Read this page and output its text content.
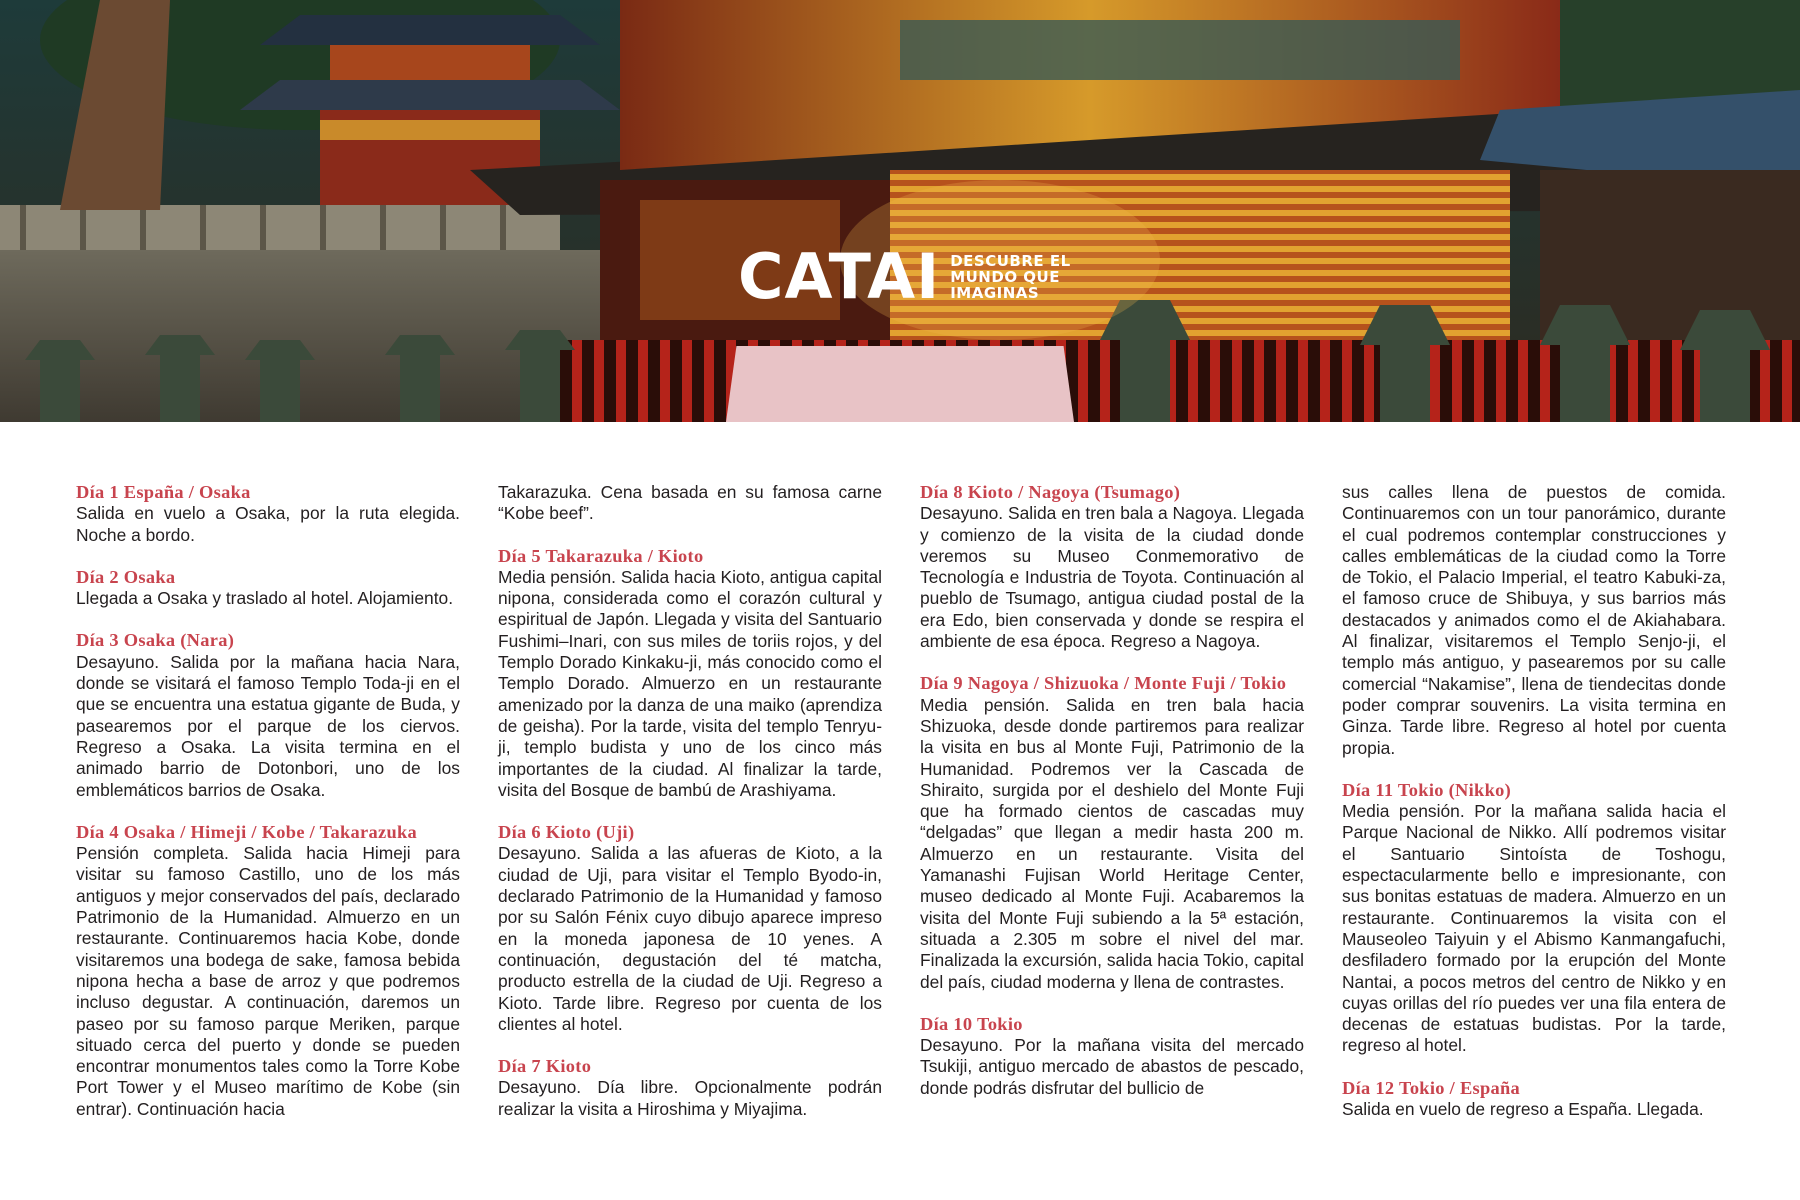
CATAI DESCUBRE EL
MUNDO QUE
IMAGINAS
Día 1 España / Osaka

Salida en vuelo a Osaka, por la ruta elegida. Noche a bordo.

Día 2 Osaka

Llegada a Osaka y traslado al hotel. Alojamiento.

Día 3 Osaka (Nara)

Desayuno. Salida por la mañana hacia Nara, donde se visitará el famoso Templo Toda-ji en el que se encuentra una estatua gigante de Buda, y pasearemos por el parque de los ciervos. Regreso a Osaka. La visita termina en el animado barrio de Dotonbori, uno de los emblemáticos barrios de Osaka.

Día 4 Osaka / Himeji / Kobe / Takarazuka

Pensión completa. Salida hacia Himeji para visitar su famoso Castillo, uno de los más antiguos y mejor conservados del país, declarado Patrimonio de la Humanidad. Almuerzo en un restaurante. Continuaremos hacia Kobe, donde visitaremos una bodega de sake, famosa bebida nipona hecha a base de arroz y que podremos incluso degustar. A continuación, daremos un paseo por su famoso parque Meriken, parque situado cerca del puerto y donde se pueden encontrar monumentos tales como la Torre Kobe Port Tower y el Museo marítimo de Kobe (sin entrar). Continuación hacia

Takarazuka. Cena basada en su famosa carne “Kobe beef”.

Día 5 Takarazuka / Kioto

Media pensión. Salida hacia Kioto, antigua capital nipona, considerada como el corazón cultural y espiritual de Japón. Llegada y visita del Santuario Fushimi–Inari, con sus miles de toriis rojos, y del Templo Dorado Kinkaku-ji, más conocido como el Templo Dorado. Almuerzo en un restaurante amenizado por la danza de una maiko (aprendiza de geisha). Por la tarde, visita del templo Tenryu-ji, templo budista y uno de los cinco más importantes de la ciudad. Al finalizar la tarde, visita del Bosque de bambú de Arashiyama.

Día 6 Kioto (Uji)

Desayuno. Salida a las afueras de Kioto, a la ciudad de Uji, para visitar el Templo Byodo-in, declarado Patrimonio de la Humanidad y famoso por su Salón Fénix cuyo dibujo aparece impreso en la moneda japonesa de 10 yenes. A continuación, degustación del té matcha, producto estrella de la ciudad de Uji. Regreso a Kioto. Tarde libre. Regreso por cuenta de los clientes al hotel.

Día 7 Kioto

Desayuno. Día libre. Opcionalmente podrán realizar la visita a Hiroshima y Miyajima.

Día 8 Kioto / Nagoya (Tsumago)

Desayuno. Salida en tren bala a Nagoya. Llegada y comienzo de la visita de la ciudad donde veremos su Museo Conmemorativo de Tecnología e Industria de Toyota. Continuación al pueblo de Tsumago, antigua ciudad postal de la era Edo, bien conservada y donde se respira el ambiente de esa época. Regreso a Nagoya.

Día 9 Nagoya / Shizuoka / Monte Fuji / Tokio

Media pensión. Salida en tren bala hacia Shizuoka, desde donde partiremos para realizar la visita en bus al Monte Fuji, Patrimonio de la Humanidad. Podremos ver la Cascada de Shiraito, surgida por el deshielo del Monte Fuji que ha formado cientos de cascadas muy “delgadas” que llegan a medir hasta 200 m. Almuerzo en un restaurante. Visita del Yamanashi Fujisan World Heritage Center, museo dedicado al Monte Fuji. Acabaremos la visita del Monte Fuji subiendo a la 5ª estación, situada a 2.305 m sobre el nivel del mar. Finalizada la excursión, salida hacia Tokio, capital del país, ciudad moderna y llena de contrastes.

Día 10 Tokio

Desayuno. Por la mañana visita del mercado Tsukiji, antiguo mercado de abastos de pescado, donde podrás disfrutar del bullicio de

sus calles llena de puestos de comida. Continuaremos con un tour panorámico, durante el cual podremos contemplar construcciones y calles emblemáticas de la ciudad como la Torre de Tokio, el Palacio Imperial, el teatro Kabuki-za, el famoso cruce de Shibuya, y sus barrios más destacados y animados como el de Akiahabara. Al finalizar, visitaremos el Templo Senjo-ji, el templo más antiguo, y pasearemos por su calle comercial “Nakamise”, llena de tiendecitas donde poder comprar souvenirs. La visita termina en Ginza. Tarde libre. Regreso al hotel por cuenta propia.

Día 11 Tokio (Nikko)

Media pensión. Por la mañana salida hacia el Parque Nacional de Nikko. Allí podremos visitar el Santuario Sintoísta de Toshogu, espectacularmente bello e impresionante, con sus bonitas estatuas de madera. Almuerzo en un restaurante. Continuaremos la visita con el Mauseoleo Taiyuin y el Abismo Kanmangafuchi, desfiladero formado por la erupción del Monte Nantai, a pocos metros del centro de Nikko y en cuyas orillas del río puedes ver una fila entera de decenas de estatuas budistas. Por la tarde, regreso al hotel.

Día 12 Tokio / España

Salida en vuelo de regreso a España. Llegada.
